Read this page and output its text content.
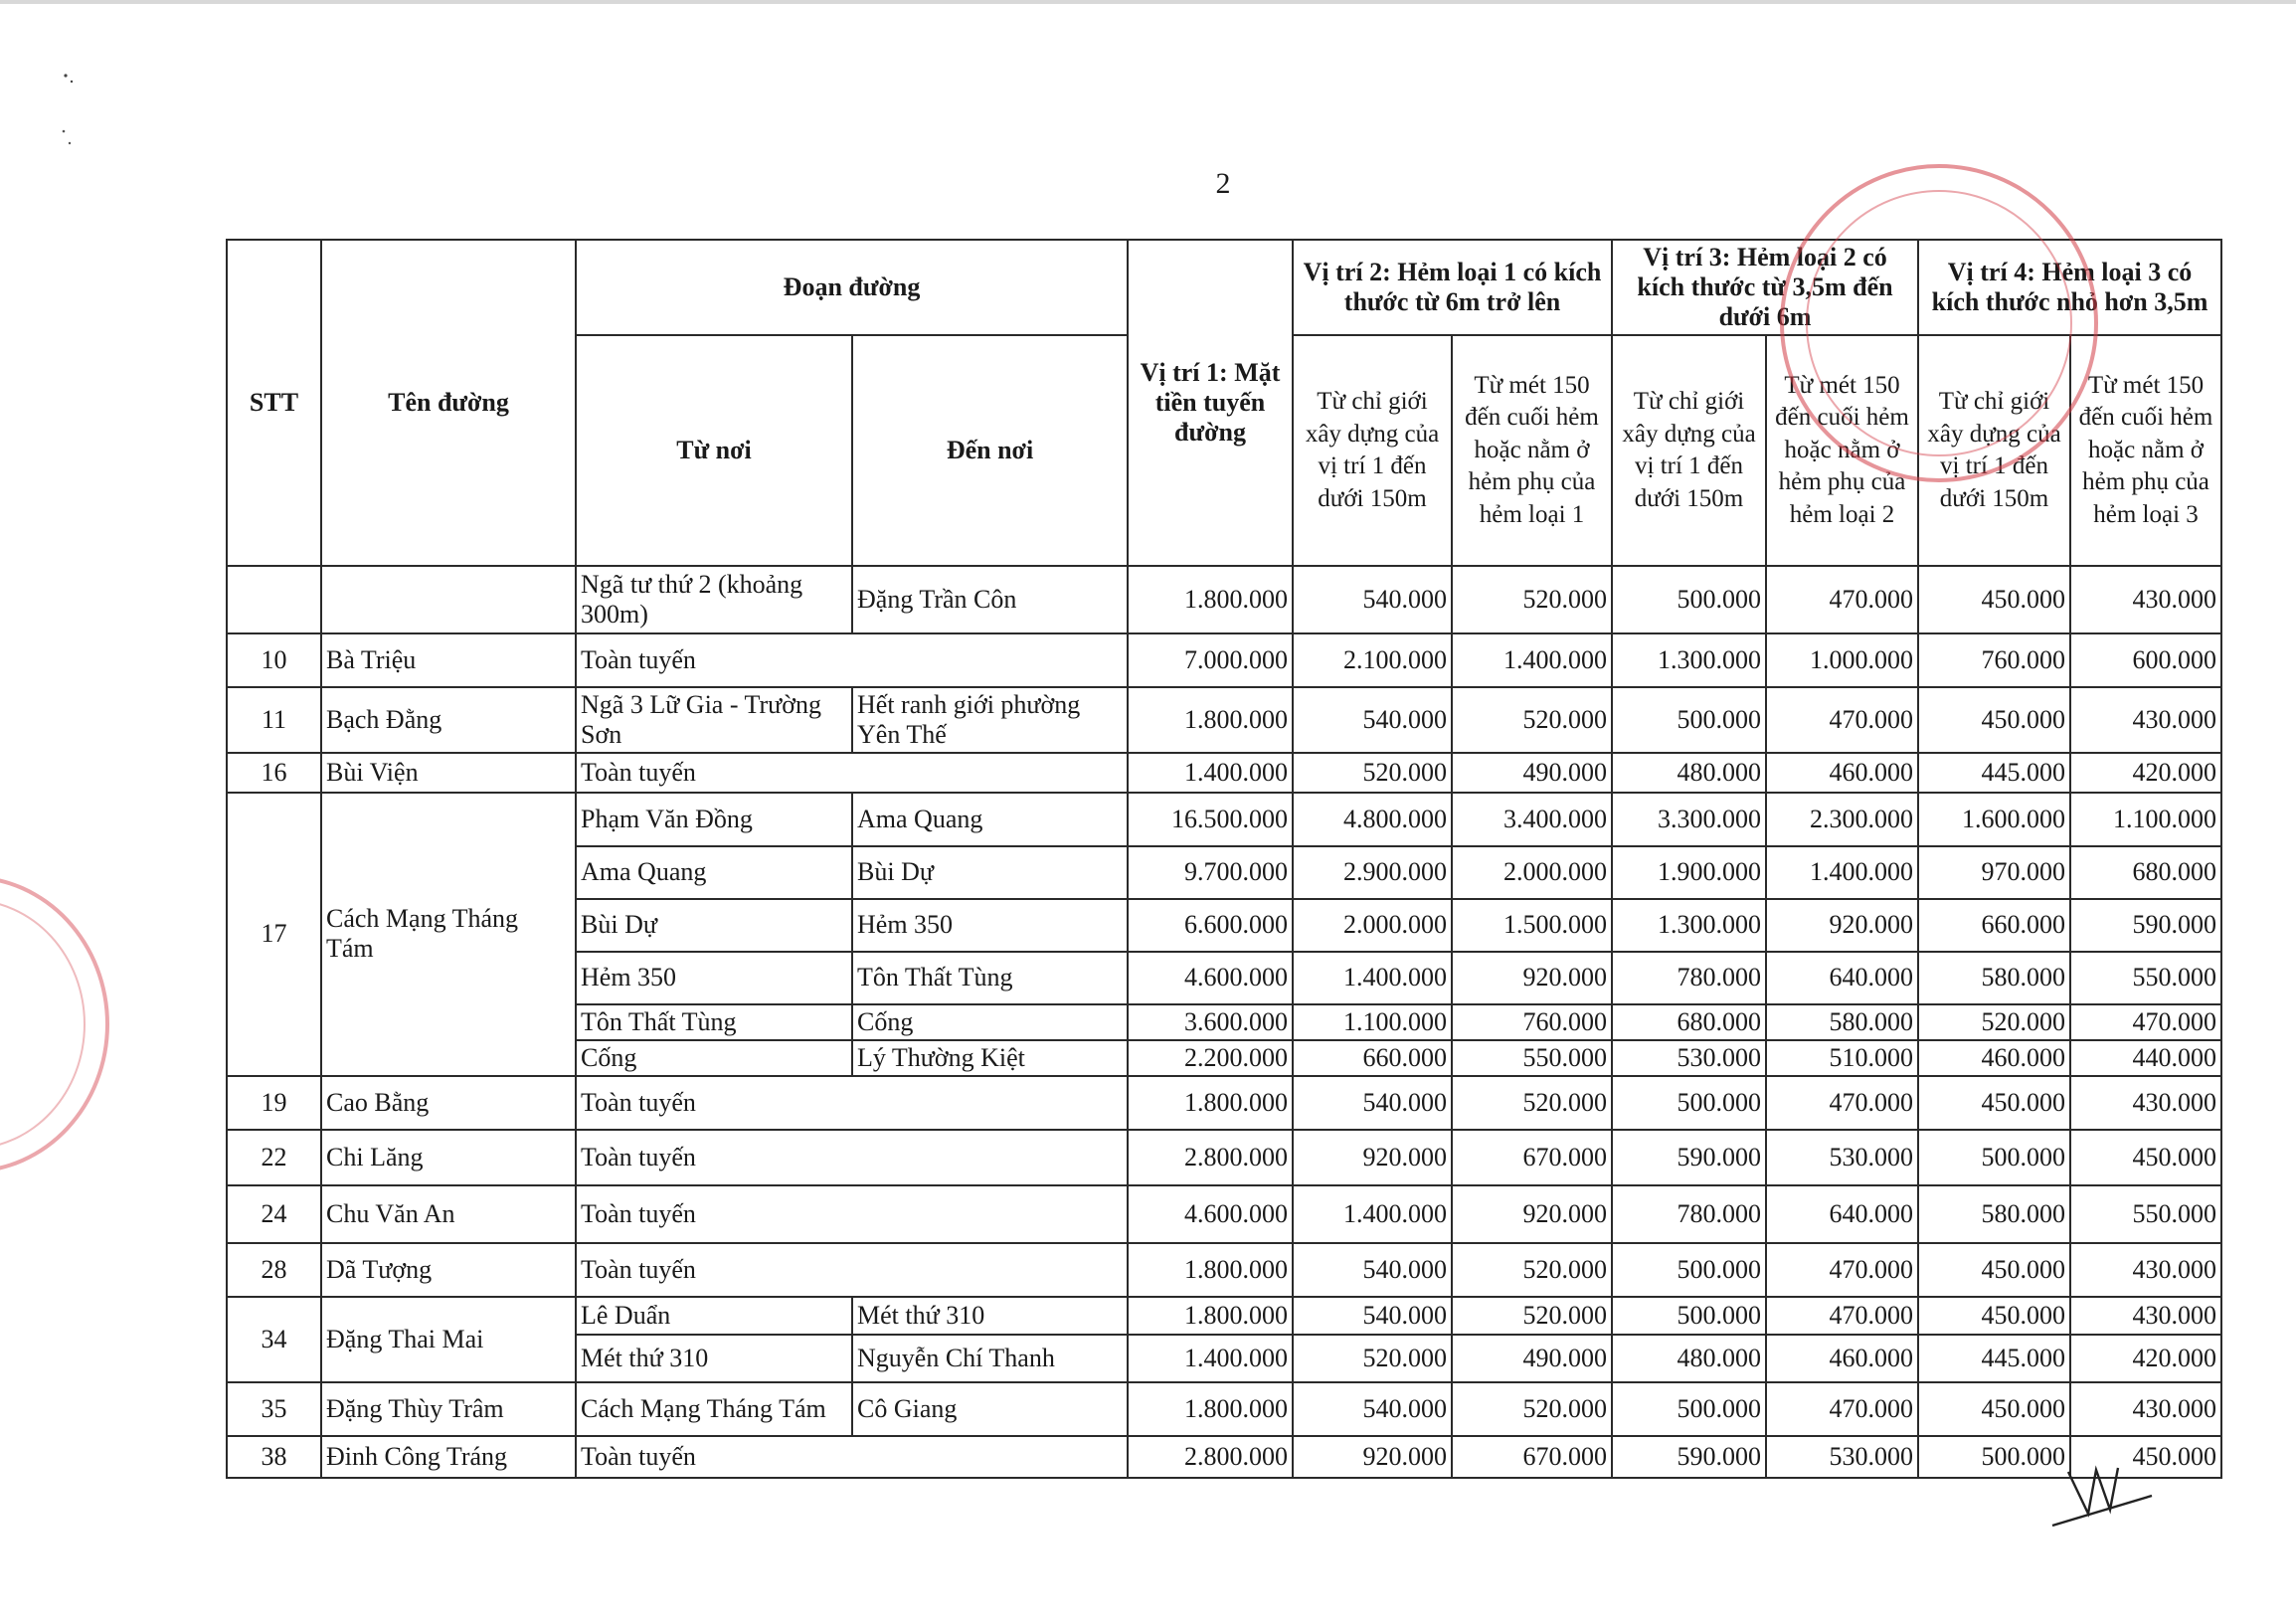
2
STT	Tên đường	Đoạn đường		Vị trí 1: Mặt tiền tuyến đường	Vị trí 2: Hẻm loại 1 có kích thước từ 6m trở lên		Vị trí 3: Hẻm loại 2 có kích thước từ 3,5m đến dưới 6m		Vị trí 4: Hẻm loại 3 có kích thước nhỏ hơn 3,5m	
		Từ nơi	Đến nơi		Từ chỉ giới xây dựng của vị trí 1 đến dưới 150m	Từ mét 150 đến cuối hẻm hoặc nằm ở hẻm phụ của hẻm loại 1	Từ chỉ giới xây dựng của vị trí 1 đến dưới 150m	Từ mét 150 đến cuối hẻm hoặc nằm ở hẻm phụ của hẻm loại 2	Từ chỉ giới xây dựng của vị trí 1 đến dưới 150m	Từ mét 150 đến cuối hẻm hoặc nằm ở hẻm phụ của hẻm loại 3
		Ngã tư thứ 2 (khoảng 300m)	Đặng Trần Côn	1.800.000	540.000	520.000	500.000	470.000	450.000	430.000
10	Bà Triệu	Toàn tuyến		7.000.000	2.100.000	1.400.000	1.300.000	1.000.000	760.000	600.000
11	Bạch Đằng	Ngã 3 Lữ Gia - Trường Sơn	Hết ranh giới phường Yên Thế	1.800.000	540.000	520.000	500.000	470.000	450.000	430.000
16	Bùi Viện	Toàn tuyến		1.400.000	520.000	490.000	480.000	460.000	445.000	420.000
17	Cách Mạng Tháng Tám	Phạm Văn Đồng	Ama Quang	16.500.000	4.800.000	3.400.000	3.300.000	2.300.000	1.600.000	1.100.000
		Ama Quang	Bùi Dự	9.700.000	2.900.000	2.000.000	1.900.000	1.400.000	970.000	680.000
		Bùi Dự	Hẻm 350	6.600.000	2.000.000	1.500.000	1.300.000	920.000	660.000	590.000
		Hẻm 350	Tôn Thất Tùng	4.600.000	1.400.000	920.000	780.000	640.000	580.000	550.000
		Tôn Thất Tùng	Cống	3.600.000	1.100.000	760.000	680.000	580.000	520.000	470.000
		Cống	Lý Thường Kiệt	2.200.000	660.000	550.000	530.000	510.000	460.000	440.000
19	Cao Bằng	Toàn tuyến		1.800.000	540.000	520.000	500.000	470.000	450.000	430.000
22	Chi Lăng	Toàn tuyến		2.800.000	920.000	670.000	590.000	530.000	500.000	450.000
24	Chu Văn An	Toàn tuyến		4.600.000	1.400.000	920.000	780.000	640.000	580.000	550.000
28	Dã Tượng	Toàn tuyến		1.800.000	540.000	520.000	500.000	470.000	450.000	430.000
34	Đặng Thai Mai	Lê Duẩn	Mét thứ 310	1.800.000	540.000	520.000	500.000	470.000	450.000	430.000
		Mét thứ 310	Nguyễn Chí Thanh	1.400.000	520.000	490.000	480.000	460.000	445.000	420.000
35	Đặng Thùy Trâm	Cách Mạng Tháng Tám	Cô Giang	1.800.000	540.000	520.000	500.000	470.000	450.000	430.000
38	Đinh Công Tráng	Toàn tuyến		2.800.000	920.000	670.000	590.000	530.000	500.000	450.000
